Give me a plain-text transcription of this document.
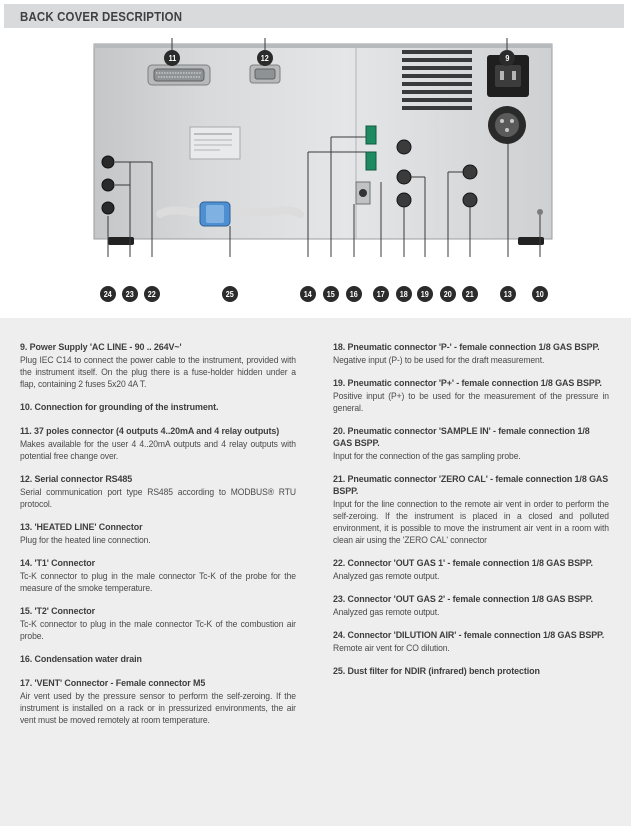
BACK COVER DESCRIPTION
11	12	9
24 23 22	25	14 15 16 17 18 19 20 21	13	10
9. Power Supply 'AC LINE - 90 .. 264V~'
Plug IEC C14 to connect the power cable to the instrument, provided with the instrument itself. On the plug there is a fuse-holder hidden under a flap, containing 2 fuses 5x20 4A T.
10. Connection for grounding of the instrument.
11. 37 poles connector (4 outputs 4..20mA and 4 relay outputs)
Makes available for the user 4 4..20mA outputs and 4 relay outputs with potential free change over.
12. Serial connector RS485
Serial communication port type RS485 according to MODBUS® RTU protocol.
13. 'HEATED LINE' Connector
Plug for the heated line connection.
14. 'T1' Connector
Tc-K connector to plug in the male connector Tc-K of the probe for the measure of the smoke temperature.
15. 'T2' Connector
Tc-K connector to plug in the male connector Tc-K of the combustion air probe.
16. Condensation water drain
17. 'VENT' Connector - Female connector M5
Air vent used by the pressure sensor to perform the self-zeroing. If the instrument is installed on a rack or in pressurized environments, the air vent must be moved remotely at room temperature.
18. Pneumatic connector 'P-' - female connection 1/8 GAS BSPP.
Negative input (P-) to be used for the draft measurement.
19. Pneumatic connector 'P+' - female connection 1/8 GAS BSPP.
Positive input (P+) to be used for the measurement of the pressure in general.
20. Pneumatic connector 'SAMPLE IN' - female connection 1/8 GAS BSPP.
Input for the connection of the gas sampling probe.
21. Pneumatic connector 'ZERO CAL' - female connection 1/8 GAS BSPP.
Input for the line connection to the remote air vent in order to perform the self-zeroing. If the instrument is placed in a closed and polluted environment, it is possible to move the instrument air vent in a room with clean air using the 'ZERO CAL' connector
22. Connector 'OUT GAS 1' - female connection 1/8 GAS BSPP.
Analyzed gas remote output.
23. Connector 'OUT GAS 2' - female connection 1/8 GAS BSPP.
Analyzed gas remote output.
24. Connector 'DILUTION AIR' - female connection 1/8 GAS BSPP.
Remote air vent for CO dilution.
25. Dust filter for NDIR (infrared) bench protection
